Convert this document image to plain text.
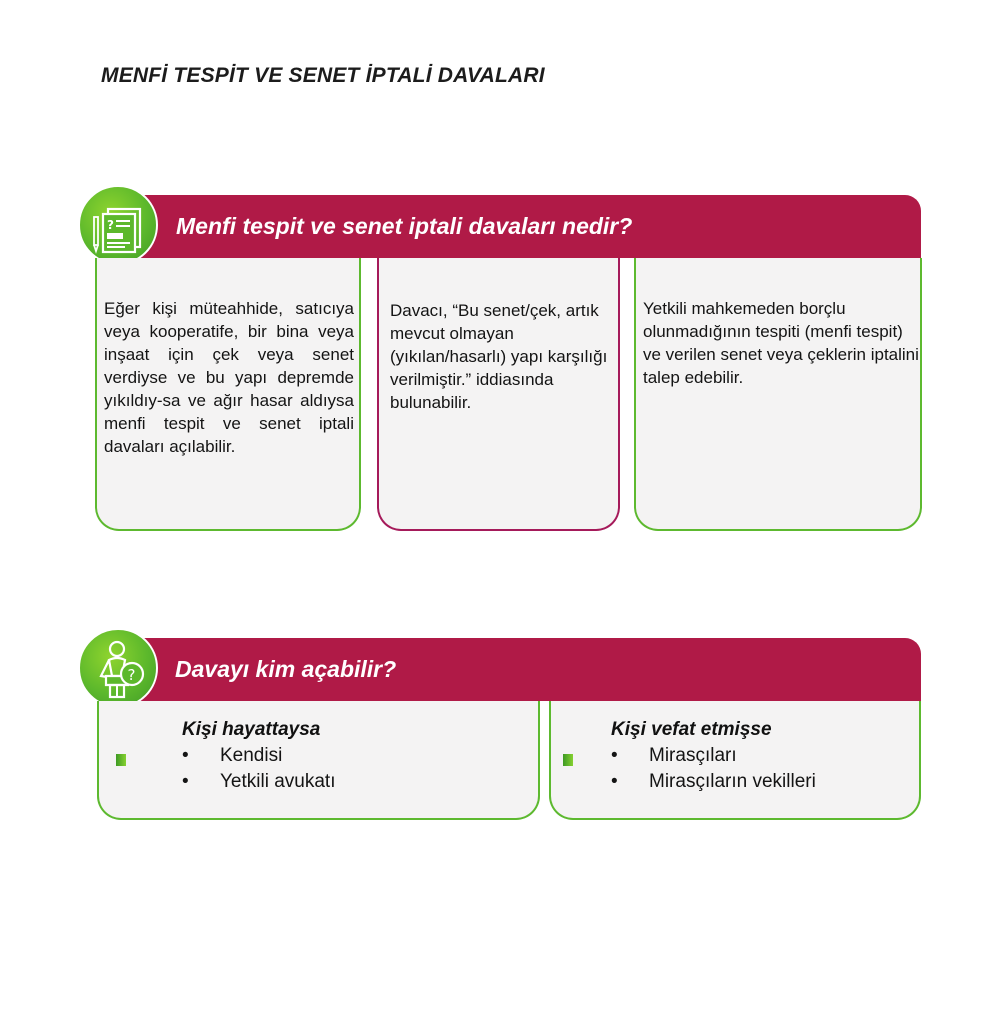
MENFİ TESPİT VE SENET İPTALİ DAVALARI
Menfi tespit ve senet iptali davaları nedir?
?
Eğer kişi müteahhide, satıcıya veya kooperatife, bir bina veya inşaat için çek veya senet verdiyse ve bu yapı depremde yıkıldıy-sa ve ağır hasar aldıysa menfi tespit ve senet iptali davaları açılabilir.
Davacı, “Bu senet/çek, artık mevcut olmayan (yıkılan/hasarlı) yapı karşılığı verilmiştir.” iddiasında bulunabilir.
Yetkili mahkemeden borçlu olunmadığının tespiti (menfi tespit) ve verilen senet veya çeklerin iptalini talep edebilir.
Davayı kim açabilir?
?
Kişi hayattaysa
• Kendisi
• Yetkili avukatı
Kişi vefat etmişse
• Mirasçıları
• Mirasçıların vekilleri
